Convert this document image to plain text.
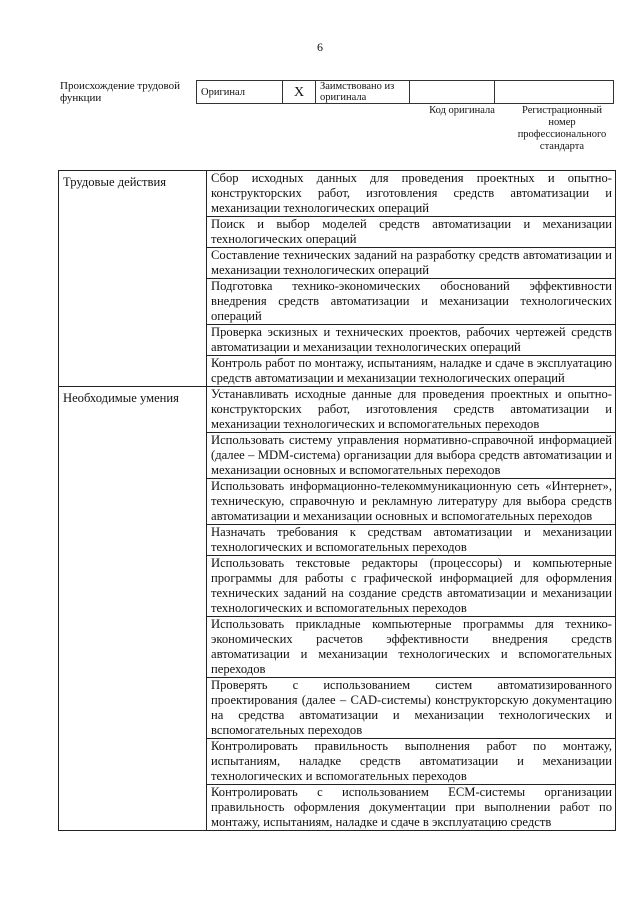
6
Происхождение трудовой функции	Оригинал	X	Заимствовано из оригинала		
Код оригинала	Регистрационный номер профессионального стандарта
Трудовые действия	Сбор исходных данных для проведения проектных и опытно-конструкторских работ, изготовления средств автоматизации и механизации технологических операций
	Поиск и выбор моделей средств автоматизации и механизации технологических операций
	Составление технических заданий на разработку средств автоматизации и механизации технологических операций
	Подготовка технико-экономических обоснований эффективности внедрения средств автоматизации и механизации технологических операций
	Проверка эскизных и технических проектов, рабочих чертежей средств автоматизации и механизации технологических операций
	Контроль работ по монтажу, испытаниям, наладке и сдаче в эксплуатацию средств автоматизации и механизации технологических операций
Необходимые умения	Устанавливать исходные данные для проведения проектных и опытно-конструкторских работ, изготовления средств автоматизации и механизации технологических и вспомогательных переходов
	Использовать систему управления нормативно-справочной информацией (далее – MDM-система) организации для выбора средств автоматизации и механизации основных и вспомогательных переходов
	Использовать информационно-телекоммуникационную сеть «Интернет», техническую, справочную и рекламную литературу для выбора средств автоматизации и механизации основных и вспомогательных переходов
	Назначать требования к средствам автоматизации и механизации технологических и вспомогательных переходов
	Использовать текстовые редакторы (процессоры) и компьютерные программы для работы с графической информацией для оформления технических заданий на создание средств автоматизации и механизации технологических и вспомогательных переходов
	Использовать прикладные компьютерные программы для технико-экономических расчетов эффективности внедрения средств автоматизации и механизации технологических и вспомогательных переходов
	Проверять с использованием систем автоматизированного проектирования (далее – CAD-системы) конструкторскую документацию на средства автоматизации и механизации технологических и вспомогательных переходов
	Контролировать правильность выполнения работ по монтажу, испытаниям, наладке средств автоматизации и механизации технологических и вспомогательных переходов
	Контролировать с использованием ECM-системы организации правильность оформления документации при выполнении работ по монтажу, испытаниям, наладке и сдаче в эксплуатацию средств
